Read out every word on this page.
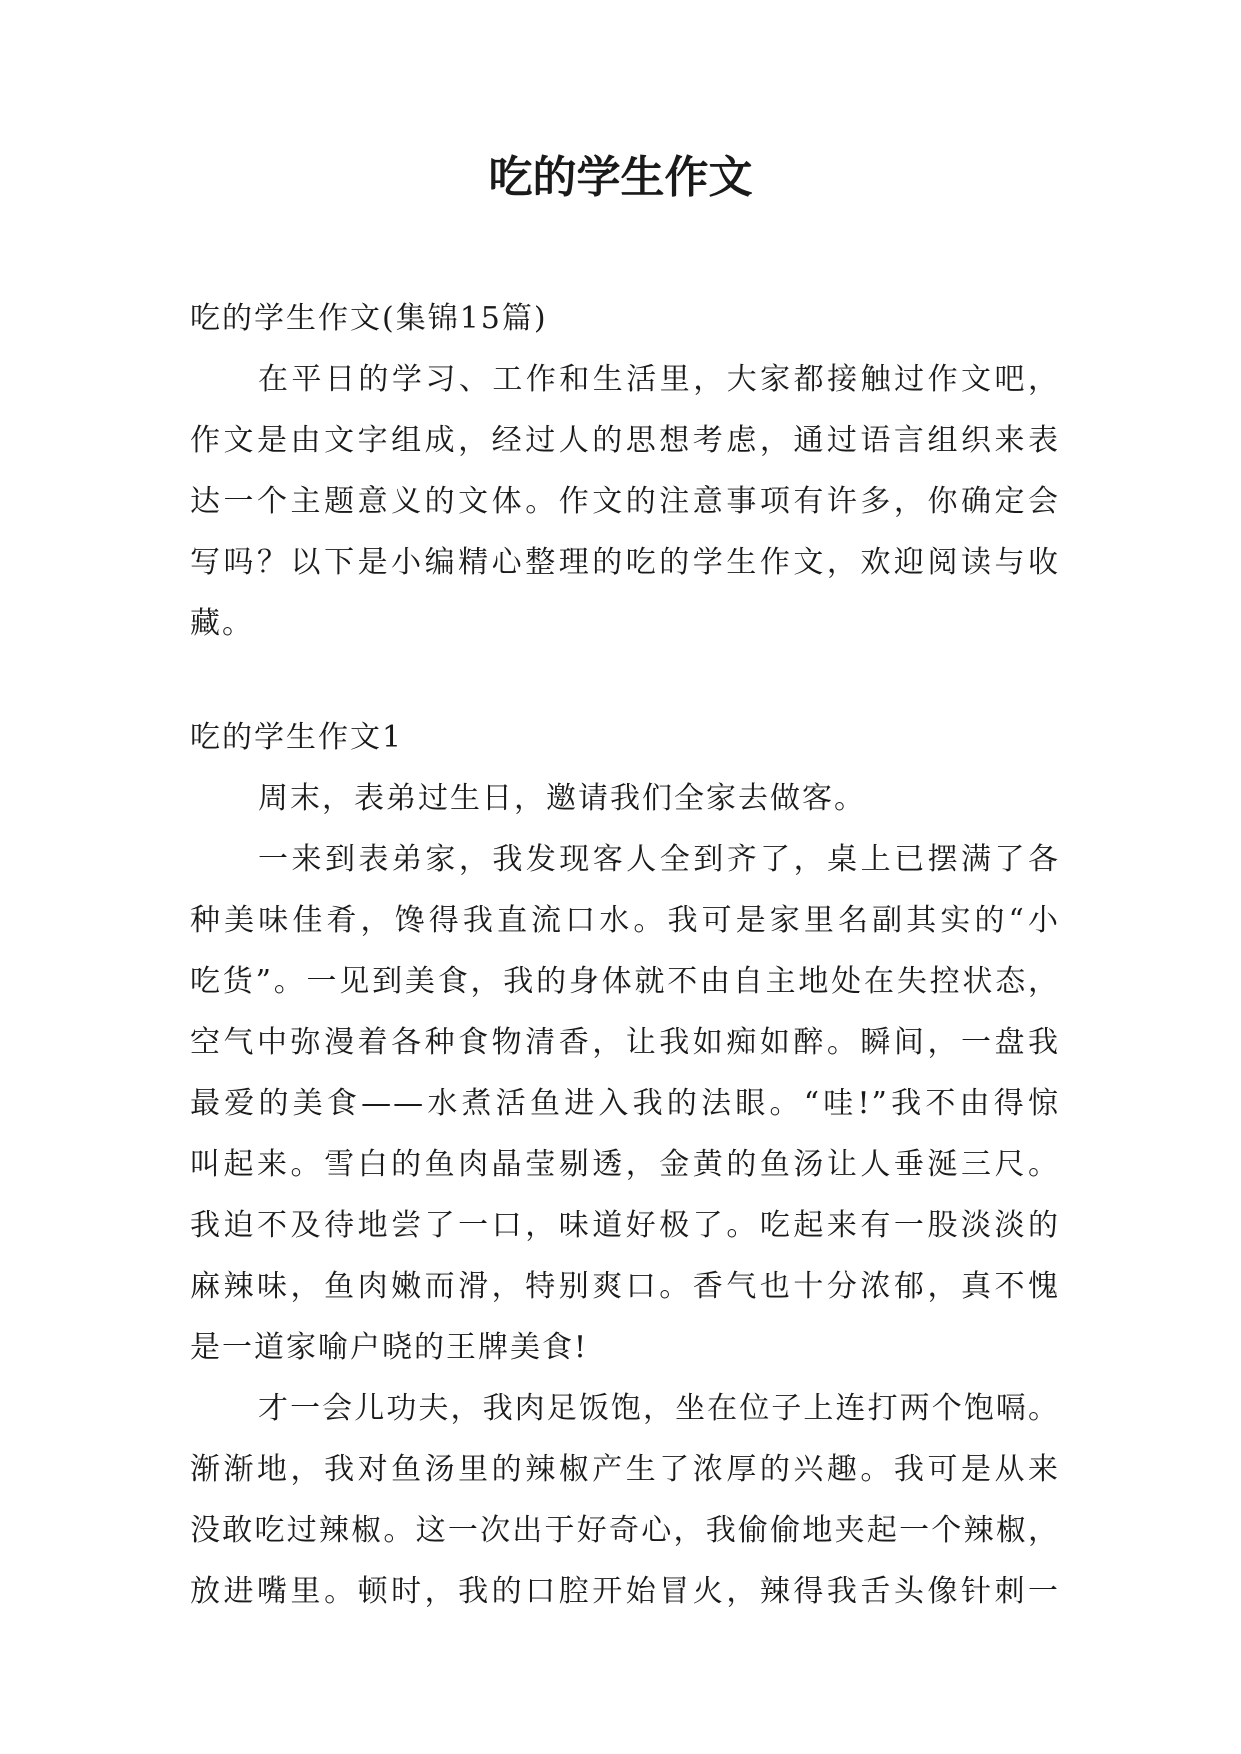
吃的学生作文
吃的学生作文(集锦15篇)
在平日的学习、工作和生活里，大家都接触过作文吧，
作文是由文字组成，经过人的思想考虑，通过语言组织来表
达一个主题意义的文体。作文的注意事项有许多，你确定会
写吗？以下是小编精心整理的吃的学生作文，欢迎阅读与收
藏。
吃的学生作文1
周末，表弟过生日，邀请我们全家去做客。
一来到表弟家，我发现客人全到齐了，桌上已摆满了各
种美味佳肴，馋得我直流口水。我可是家里名副其实的“小
吃货”。一见到美食，我的身体就不由自主地处在失控状态，
空气中弥漫着各种食物清香，让我如痴如醉。瞬间，一盘我
最爱的美食——水煮活鱼进入我的法眼。“哇!”我不由得惊
叫起来。雪白的鱼肉晶莹剔透，金黄的鱼汤让人垂涎三尺。
我迫不及待地尝了一口，味道好极了。吃起来有一股淡淡的
麻辣味，鱼肉嫩而滑，特别爽口。香气也十分浓郁，真不愧
是一道家喻户晓的王牌美食!
才一会儿功夫，我肉足饭饱，坐在位子上连打两个饱嗝。
渐渐地，我对鱼汤里的辣椒产生了浓厚的兴趣。我可是从来
没敢吃过辣椒。这一次出于好奇心，我偷偷地夹起一个辣椒，
放进嘴里。顿时，我的口腔开始冒火，辣得我舌头像针刺一
